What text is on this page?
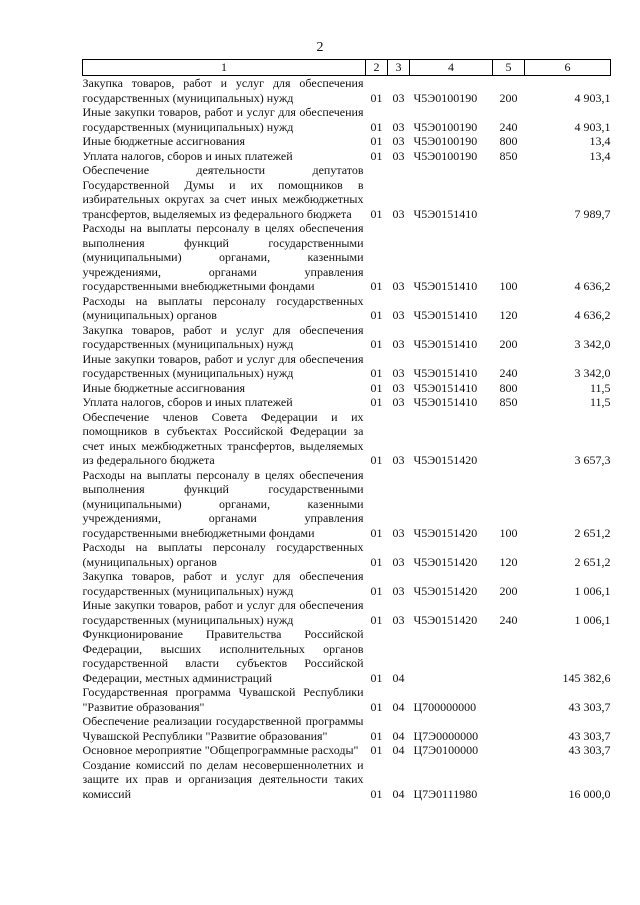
2
1	2	3	4	5	6
Закупка товаров, работ и услуг для обеспечения государственных (муниципальных) нужд	01	03	Ч5Э0100190	200	4 903,1
Иные закупки товаров, работ и услуг для обеспечения государственных (муниципальных) нужд	01	03	Ч5Э0100190	240	4 903,1
Иные бюджетные ассигнования	01	03	Ч5Э0100190	800	13,4
Уплата налогов, сборов и иных платежей	01	03	Ч5Э0100190	850	13,4
Обеспечение деятельности депутатов Государственной Думы и их помощников в избирательных округах за счет иных межбюджетных трансфертов, выделяемых из федерального бюджета	01	03	Ч5Э0151410		7 989,7
Расходы на выплаты персоналу в целях обеспечения выполнения функций государственными (муниципальными) органами, казенными учреждениями, органами управления государственными внебюджетными фондами	01	03	Ч5Э0151410	100	4 636,2
Расходы на выплаты персоналу государственных (муниципальных) органов	01	03	Ч5Э0151410	120	4 636,2
Закупка товаров, работ и услуг для обеспечения государственных (муниципальных) нужд	01	03	Ч5Э0151410	200	3 342,0
Иные закупки товаров, работ и услуг для обеспечения государственных (муниципальных) нужд	01	03	Ч5Э0151410	240	3 342,0
Иные бюджетные ассигнования	01	03	Ч5Э0151410	800	11,5
Уплата налогов, сборов и иных платежей	01	03	Ч5Э0151410	850	11,5
Обеспечение членов Совета Федерации и их помощников в субъектах Российской Федерации за счет иных межбюджетных трансфертов, выделяемых из федерального бюджета	01	03	Ч5Э0151420		3 657,3
Расходы на выплаты персоналу в целях обеспечения выполнения функций государственными (муниципальными) органами, казенными учреждениями, органами управления государственными внебюджетными фондами	01	03	Ч5Э0151420	100	2 651,2
Расходы на выплаты персоналу государственных (муниципальных) органов	01	03	Ч5Э0151420	120	2 651,2
Закупка товаров, работ и услуг для обеспечения государственных (муниципальных) нужд	01	03	Ч5Э0151420	200	1 006,1
Иные закупки товаров, работ и услуг для обеспечения государственных (муниципальных) нужд	01	03	Ч5Э0151420	240	1 006,1
Функционирование Правительства Российской Федерации, высших исполнительных органов государственной власти субъектов Российской Федерации, местных администраций	01	04			145 382,6
Государственная программа Чувашской Республики "Развитие образования"	01	04	Ц700000000		43 303,7
Обеспечение реализации государственной программы Чувашской Республики "Развитие образования"	01	04	Ц7Э0000000		43 303,7
Основное мероприятие "Общепрограммные расходы"	01	04	Ц7Э0100000		43 303,7
Создание комиссий по делам несовершеннолетних и защите их прав и организация деятельности таких комиссий	01	04	Ц7Э0111980		16 000,0
